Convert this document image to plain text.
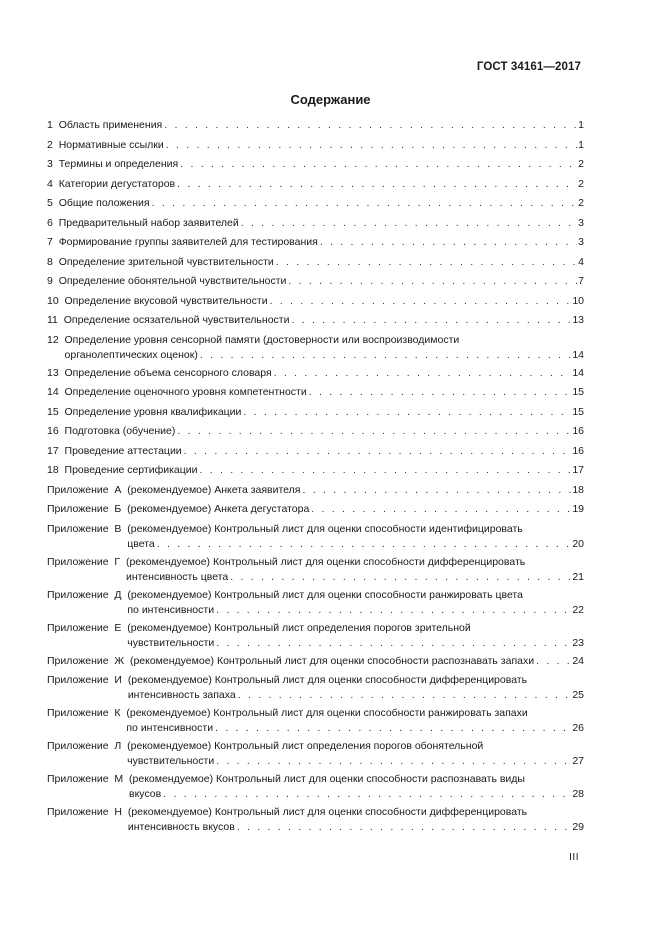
ГОСТ 34161—2017
Содержание
1 Область применения . . .	1
2 Нормативные ссылки . . .	1
3 Термины и определения . . .	2
4 Категории дегустаторов . . .	2
5 Общие положения . . .	2
6 Предварительный набор заявителей . . .	3
7 Формирование группы заявителей для тестирования . . .	3
8 Определение зрительной чувствительности . . .	4
9 Определение обонятельной чувствительности . . .	7
10 Определение вкусовой чувствительности . . .	10
11 Определение осязательной чувствительности . . .	13
12 Определение уровня сенсорной памяти (достоверности или воспроизводимости
органолептических оценок) . . .	14
13 Определение объема сенсорного словаря . . .	14
14 Определение оценочного уровня компетентности . . .	15
15 Определение уровня квалификации . . .	15
16 Подготовка (обучение) . . .	16
17 Проведение аттестации . . .	16
18 Проведение сертификации . . .	17
Приложение  А (рекомендуемое) Анкета заявителя . . .	18
Приложение  Б (рекомендуемое) Анкета дегустатора . . .	19
Приложение  В (рекомендуемое) Контрольный лист для оценки способности идентифицировать
цвета . . .	20
Приложение  Г (рекомендуемое) Контрольный лист для оценки способности дифференцировать
интенсивность цвета . . .	21
Приложение  Д (рекомендуемое) Контрольный лист для оценки способности ранжировать цвета
по интенсивности . . .	22
Приложение  Е (рекомендуемое) Контрольный лист определения порогов зрительной
чувствительности . . .	23
Приложение  Ж (рекомендуемое) Контрольный лист для оценки способности распознавать запахи . . .	24
Приложение  И (рекомендуемое) Контрольный лист для оценки способности дифференцировать
интенсивность запаха . . .	25
Приложение  К (рекомендуемое) Контрольный лист для оценки способности ранжировать запахи
по интенсивности . . .	26
Приложение  Л (рекомендуемое) Контрольный лист определения порогов обонятельной
чувствительности . . .	27
Приложение  М (рекомендуемое) Контрольный лист для оценки способности распознавать виды
вкусов . . .	28
Приложение  Н (рекомендуемое) Контрольный лист для оценки способности дифференцировать
интенсивность вкусов . . .	29
III
